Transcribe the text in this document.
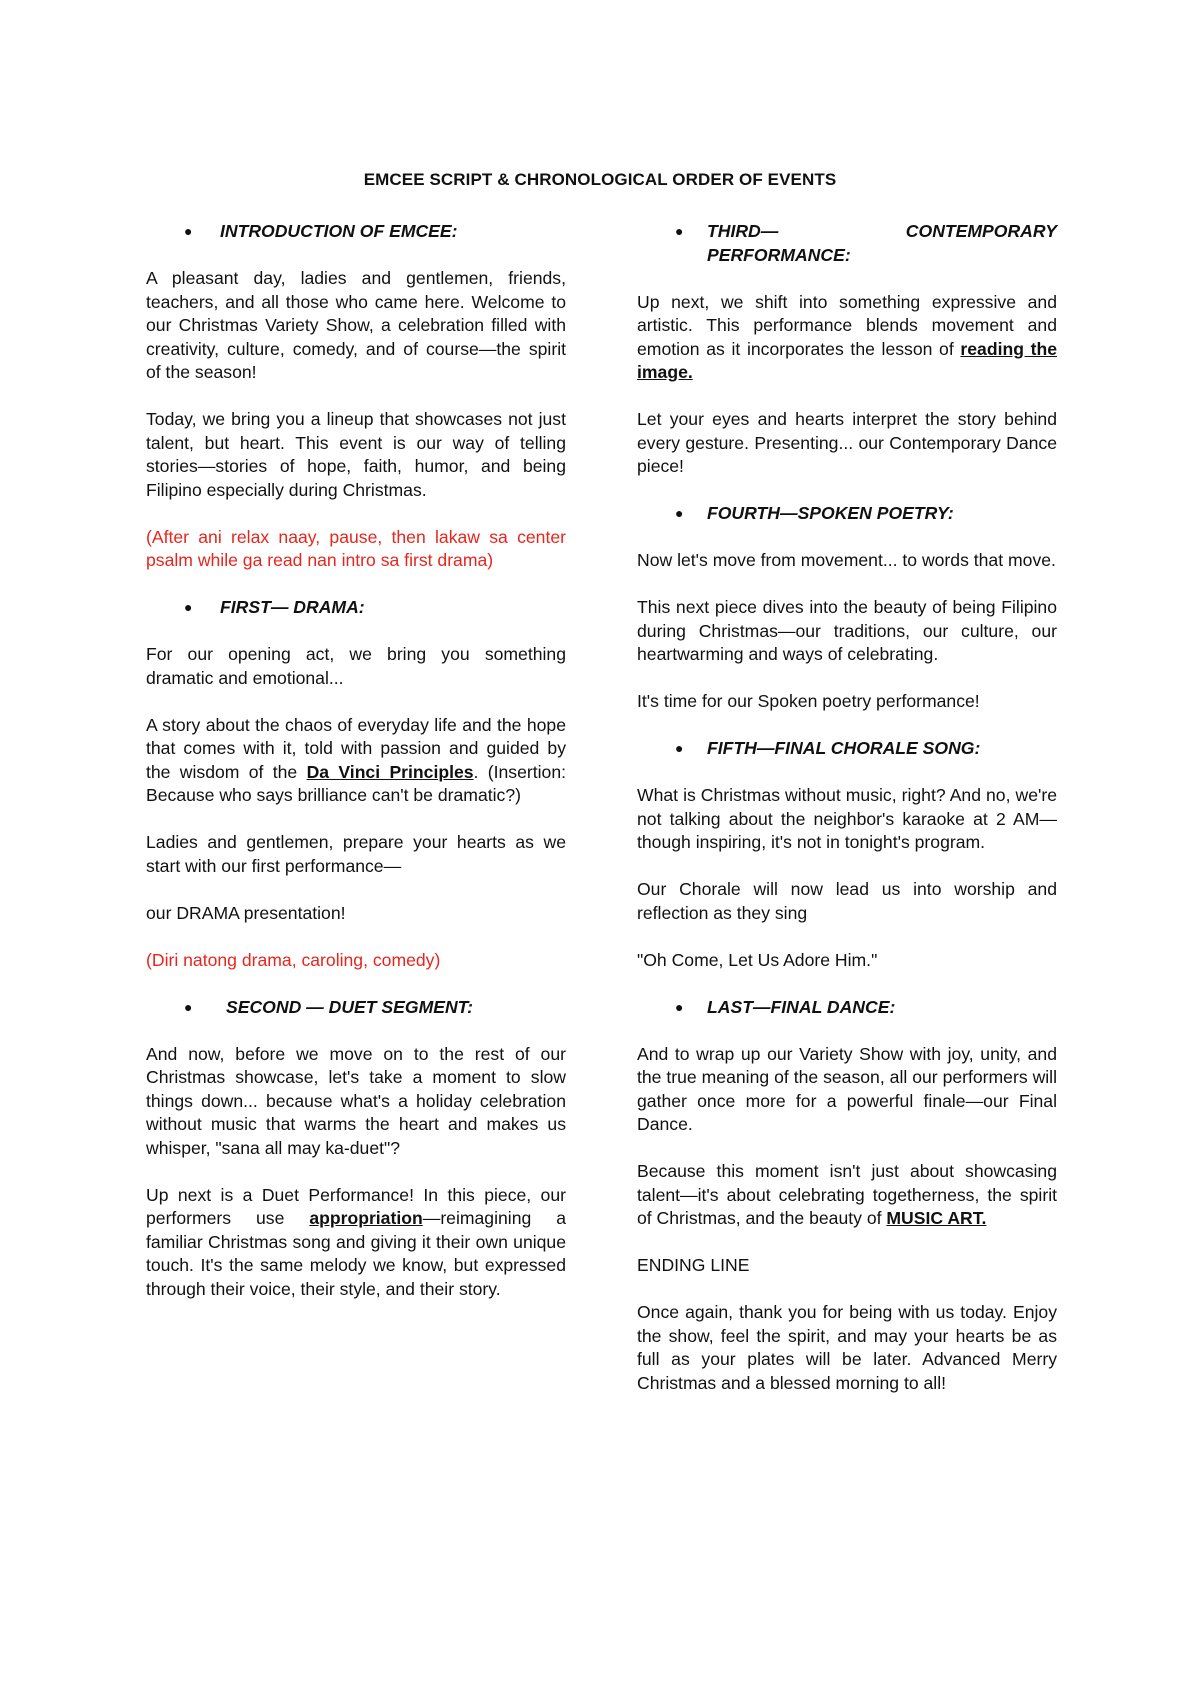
EMCEE SCRIPT & CHRONOLOGICAL ORDER OF EVENTS
●	INTRODUCTION OF EMCEE:

A pleasant day, ladies and gentlemen, friends, teachers, and all those who came here. Welcome to our Christmas Variety Show, a celebration filled with creativity, culture, comedy, and of course—the spirit of the season!

Today, we bring you a lineup that showcases not just talent, but heart. This event is our way of telling stories—stories of hope, faith, humor, and being Filipino especially during Christmas.

(After ani relax naay, pause, then lakaw sa center psalm while ga read nan intro sa first drama)

●	FIRST— DRAMA:

For our opening act, we bring you something dramatic and emotional...

A story about the chaos of everyday life and the hope that comes with it, told with passion and guided by the wisdom of the Da Vinci Principles. (Insertion: Because who says brilliance can't be dramatic?)

Ladies and gentlemen, prepare your hearts as we start with our first performance—

our DRAMA presentation!

(Diri natong drama, caroling, comedy)

●	SECOND — DUET SEGMENT:

And now, before we move on to the rest of our Christmas showcase, let's take a moment to slow things down... because what's a holiday celebration without music that warms the heart and makes us whisper, "sana all may ka-duet"?

Up next is a Duet Performance! In this piece, our performers use appropriation—reimagining a familiar Christmas song and giving it their own unique touch. It's the same melody we know, but expressed through their voice, their style, and their story.

●	THIRD— CONTEMPORARY PERFORMANCE:

Up next, we shift into something expressive and artistic. This performance blends movement and emotion as it incorporates the lesson of reading the image.

Let your eyes and hearts interpret the story behind every gesture. Presenting... our Contemporary Dance piece!

●	FOURTH—SPOKEN POETRY:

Now let's move from movement... to words that move.

This next piece dives into the beauty of being Filipino during Christmas—our traditions, our culture, our heartwarming and ways of celebrating.

It's time for our Spoken poetry performance!

●	FIFTH—FINAL CHORALE SONG:

What is Christmas without music, right? And no, we're not talking about the neighbor's karaoke at 2 AM—though inspiring, it's not in tonight's program.

Our Chorale will now lead us into worship and reflection as they sing

"Oh Come, Let Us Adore Him."

●	LAST—FINAL DANCE:

And to wrap up our Variety Show with joy, unity, and the true meaning of the season, all our performers will gather once more for a powerful finale—our Final Dance.

Because this moment isn't just about showcasing talent—it's about celebrating togetherness, the spirit of Christmas, and the beauty of MUSIC ART.

ENDING LINE

Once again, thank you for being with us today. Enjoy the show, feel the spirit, and may your hearts be as full as your plates will be later. Advanced Merry Christmas and a blessed morning to all!
